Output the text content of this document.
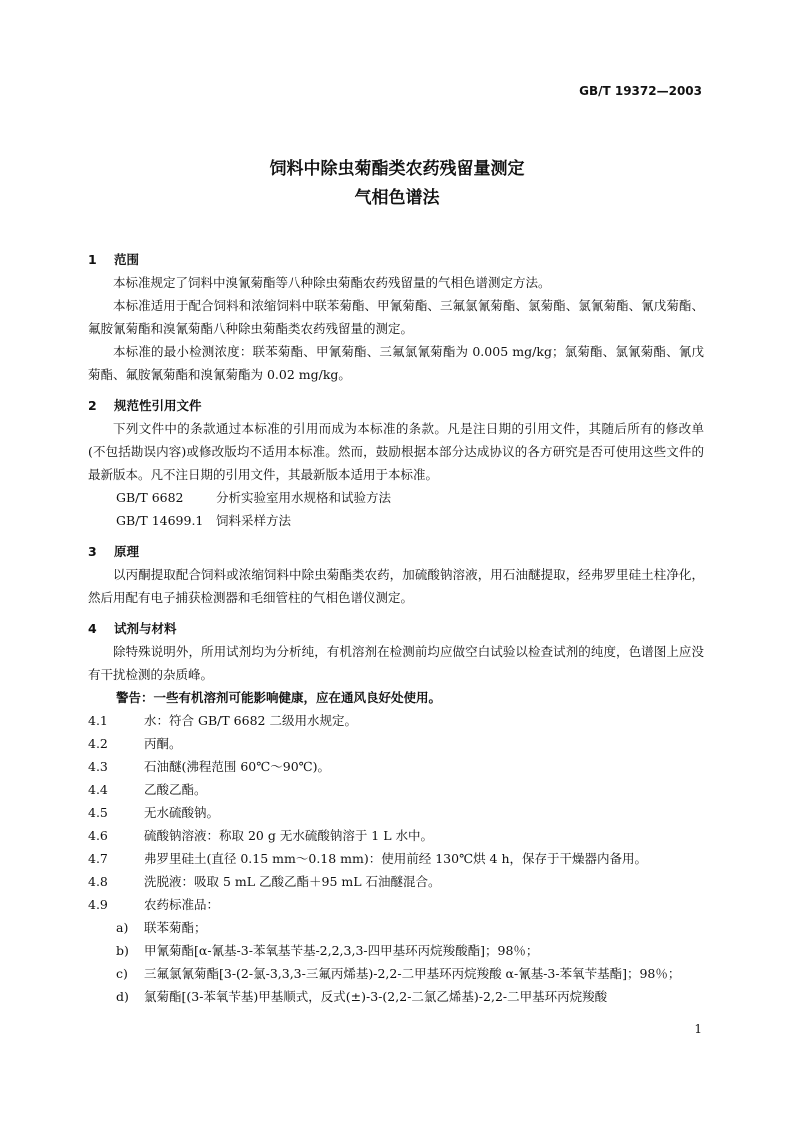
GB/T 19372—2003
饲料中除虫菊酯类农药残留量测定
气相色谱法
1 范围
本标准规定了饲料中溴氰菊酯等八种除虫菊酯农药残留量的气相色谱测定方法。
本标准适用于配合饲料和浓缩饲料中联苯菊酯、甲氰菊酯、三氟氯氰菊酯、氯菊酯、氯氰菊酯、氰戊菊酯、氟胺氰菊酯和溴氰菊酯八种除虫菊酯类农药残留量的测定。
本标准的最小检测浓度：联苯菊酯、甲氰菊酯、三氟氯氰菊酯为 0.005 mg/kg；氯菊酯、氯氰菊酯、氰戊菊酯、氟胺氰菊酯和溴氰菊酯为 0.02 mg/kg。
2 规范性引用文件
下列文件中的条款通过本标准的引用而成为本标准的条款。凡是注日期的引用文件，其随后所有的修改单(不包括勘误内容)或修改版均不适用本标准。然而，鼓励根据本部分达成协议的各方研究是否可使用这些文件的最新版本。凡不注日期的引用文件，其最新版本适用于本标准。
GB/T 6682	分析实验室用水规格和试验方法
GB/T 14699.1 饲料采样方法
3 原理
以丙酮提取配合饲料或浓缩饲料中除虫菊酯类农药，加硫酸钠溶液，用石油醚提取，经弗罗里硅土柱净化，然后用配有电子捕获检测器和毛细管柱的气相色谱仪测定。
4 试剂与材料
除特殊说明外，所用试剂均为分析纯，有机溶剂在检测前均应做空白试验以检查试剂的纯度，色谱图上应没有干扰检测的杂质峰。
警告：一些有机溶剂可能影响健康，应在通风良好处使用。
4.1	水：符合 GB/T 6682 二级用水规定。
4.2	丙酮。
4.3	石油醚(沸程范围 60℃～90℃)。
4.4	乙酸乙酯。
4.5	无水硫酸钠。
4.6	硫酸钠溶液：称取 20 g 无水硫酸钠溶于 1 L 水中。
4.7	弗罗里硅土(直径 0.15 mm～0.18 mm)：使用前经 130℃烘 4 h，保存于干燥器内备用。
4.8	洗脱液：吸取 5 mL 乙酸乙酯＋95 mL 石油醚混合。
4.9	农药标准品：
a)	联苯菊酯；
b)	甲氰菊酯[α-氰基-3-苯氧基苄基-2,2,3,3-四甲基环丙烷羧酸酯]；98％；
c)	三氟氯氰菊酯[3-(2-氯-3,3,3-三氟丙烯基)-2,2-二甲基环丙烷羧酸 α-氰基-3-苯氧苄基酯]；98％；
d)	氯菊酯[(3-苯氧苄基)甲基顺式，反式(±)-3-(2,2-二氯乙烯基)-2,2-二甲基环丙烷羧酸
1
